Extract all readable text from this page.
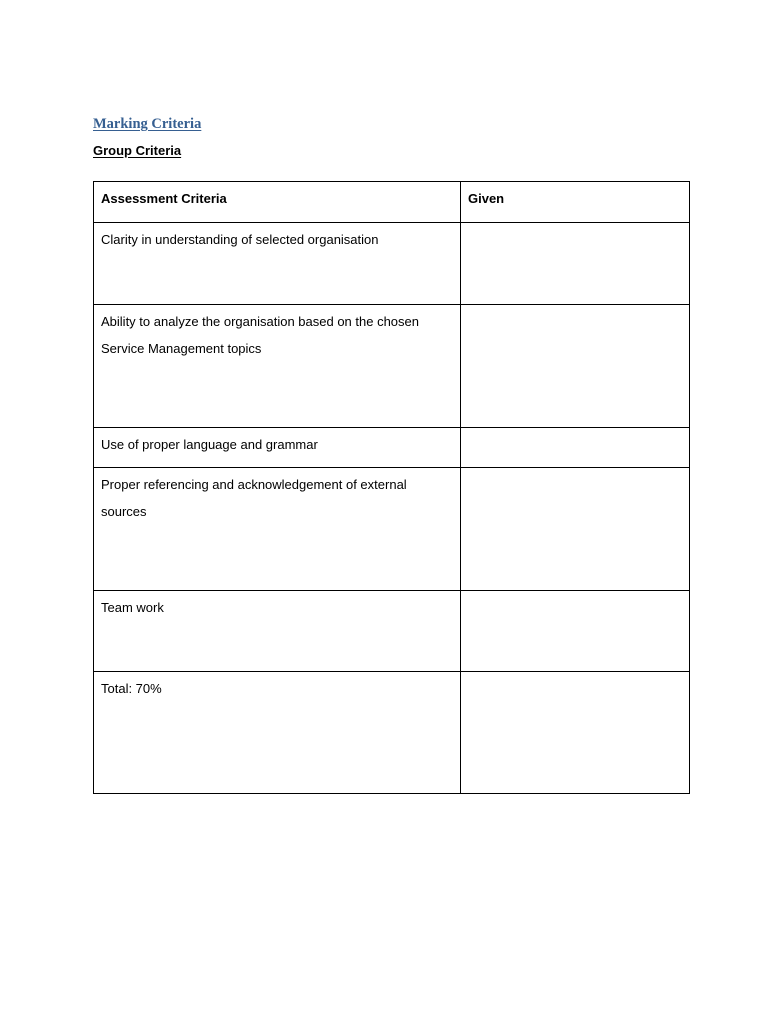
Marking Criteria
Group Criteria
Assessment Criteria	Given
Clarity in understanding of selected organisation	
Ability to analyze the organisation based on the chosen Service Management topics	
Use of proper language and grammar	
Proper referencing and acknowledgement of external sources	
Team work	
Total: 70%	
